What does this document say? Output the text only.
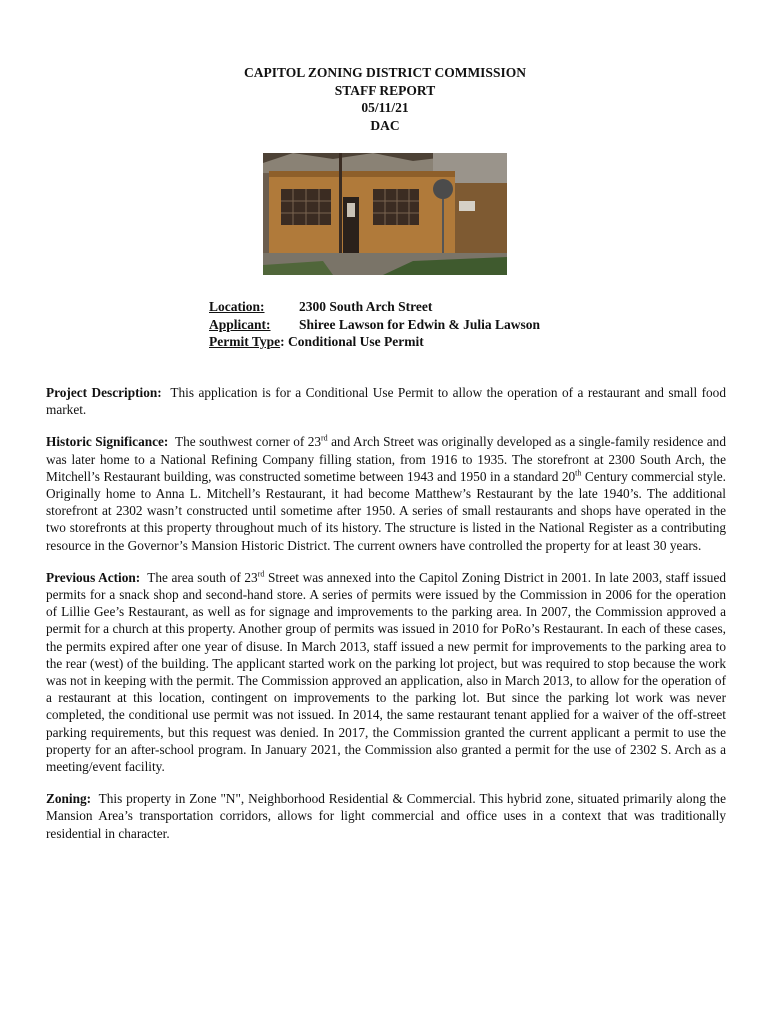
CAPITOL ZONING DISTRICT COMMISSION
STAFF REPORT
05/11/21
DAC
Location:	2300 South Arch Street
Applicant: Shiree Lawson for Edwin & Julia Lawson
Permit Type: Conditional Use Permit

Project Description: This application is for a Conditional Use Permit to allow the operation of a restaurant and small food market.

Historic Significance: The southwest corner of 23rd and Arch Street was originally developed as a single-family residence and was later home to a National Refining Company filling station, from 1916 to 1935. The storefront at 2300 South Arch, the Mitchell’s Restaurant building, was constructed sometime between 1943 and 1950 in a standard 20th Century commercial style. Originally home to Anna L. Mitchell’s Restaurant, it had become Matthew’s Restaurant by the late 1940’s. The additional storefront at 2302 wasn’t constructed until sometime after 1950. A series of small restaurants and shops have operated in the two storefronts at this property throughout much of its history. The structure is listed in the National Register as a contributing resource in the Governor’s Mansion Historic District. The current owners have controlled the property for at least 30 years.

Previous Action: The area south of 23rd Street was annexed into the Capitol Zoning District in 2001. In late 2003, staff issued permits for a snack shop and second-hand store. A series of permits were issued by the Commission in 2006 for the operation of Lillie Gee’s Restaurant, as well as for signage and improvements to the parking area. In 2007, the Commission approved a permit for a church at this property. Another group of permits was issued in 2010 for PoRo’s Restaurant. In each of these cases, the permits expired after one year of disuse. In March 2013, staff issued a new permit for improvements to the parking area to the rear (west) of the building. The applicant started work on the parking lot project, but was required to stop because the work was not in keeping with the permit. The Commission approved an application, also in March 2013, to allow for the operation of a restaurant at this location, contingent on improvements to the parking lot. But since the parking lot work was never completed, the conditional use permit was not issued. In 2014, the same restaurant tenant applied for a waiver of the off-street parking requirements, but this request was denied. In 2017, the Commission granted the current applicant a permit to use the property for an after-school program. In January 2021, the Commission also granted a permit for the use of 2302 S. Arch as a meeting/event facility.

Zoning: This property in Zone "N", Neighborhood Residential & Commercial. This hybrid zone, situated primarily along the Mansion Area’s transportation corridors, allows for light commercial and office uses in a context that was traditionally residential in character.
